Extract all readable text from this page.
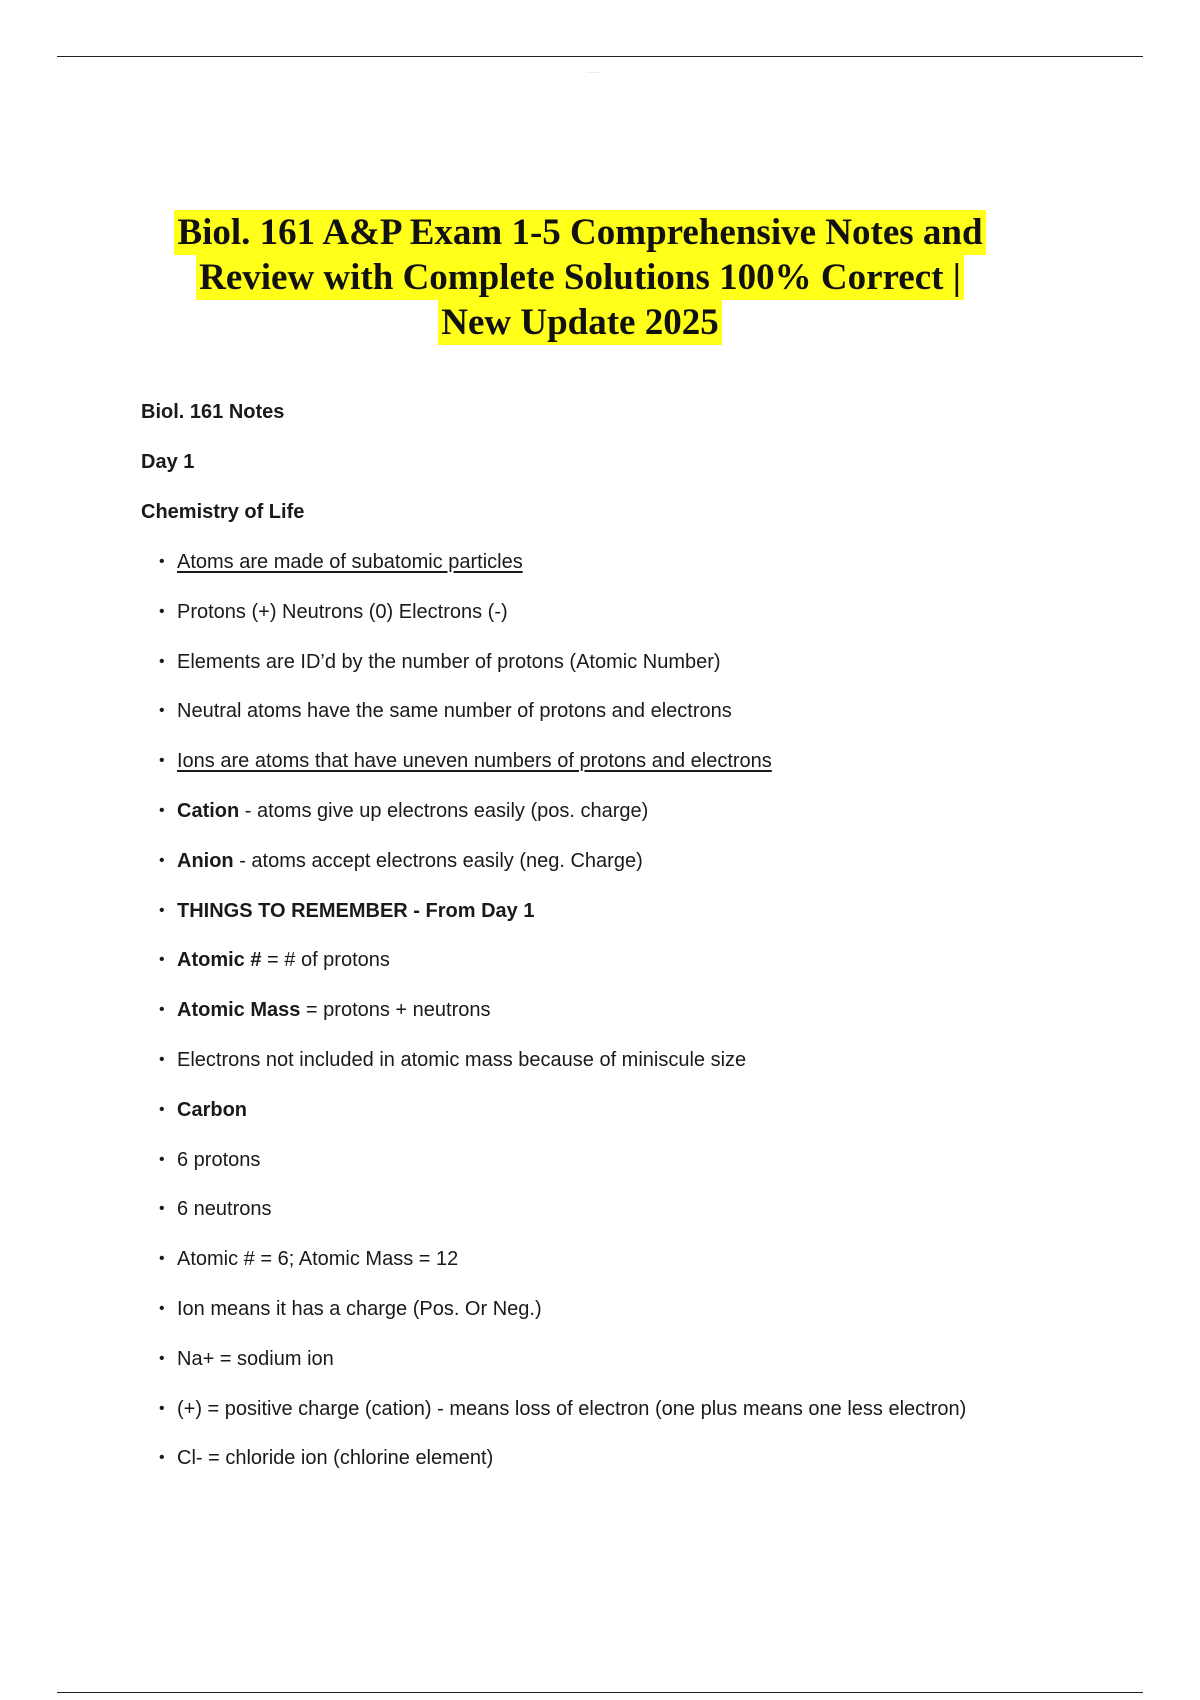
·······
Biol. 161 A&P Exam 1-5 Comprehensive Notes and
Review with Complete Solutions 100% Correct |
New Update 2025

Biol. 161 Notes

Day 1

Chemistry of Life

• Atoms are made of subatomic particles
• Protons (+) Neutrons (0) Electrons (-)
• Elements are ID’d by the number of protons (Atomic Number)
• Neutral atoms have the same number of protons and electrons
• Ions are atoms that have uneven numbers of protons and electrons
• Cation - atoms give up electrons easily (pos. charge)
• Anion - atoms accept electrons easily (neg. Charge)
• THINGS TO REMEMBER - From Day 1
• Atomic # = # of protons
• Atomic Mass = protons + neutrons
• Electrons not included in atomic mass because of miniscule size
• Carbon
• 6 protons
• 6 neutrons
• Atomic # = 6; Atomic Mass = 12
• Ion means it has a charge (Pos. Or Neg.)
• Na+ = sodium ion
• (+) = positive charge (cation) - means loss of electron (one plus means one less electron)
• Cl- = chloride ion (chlorine element)
